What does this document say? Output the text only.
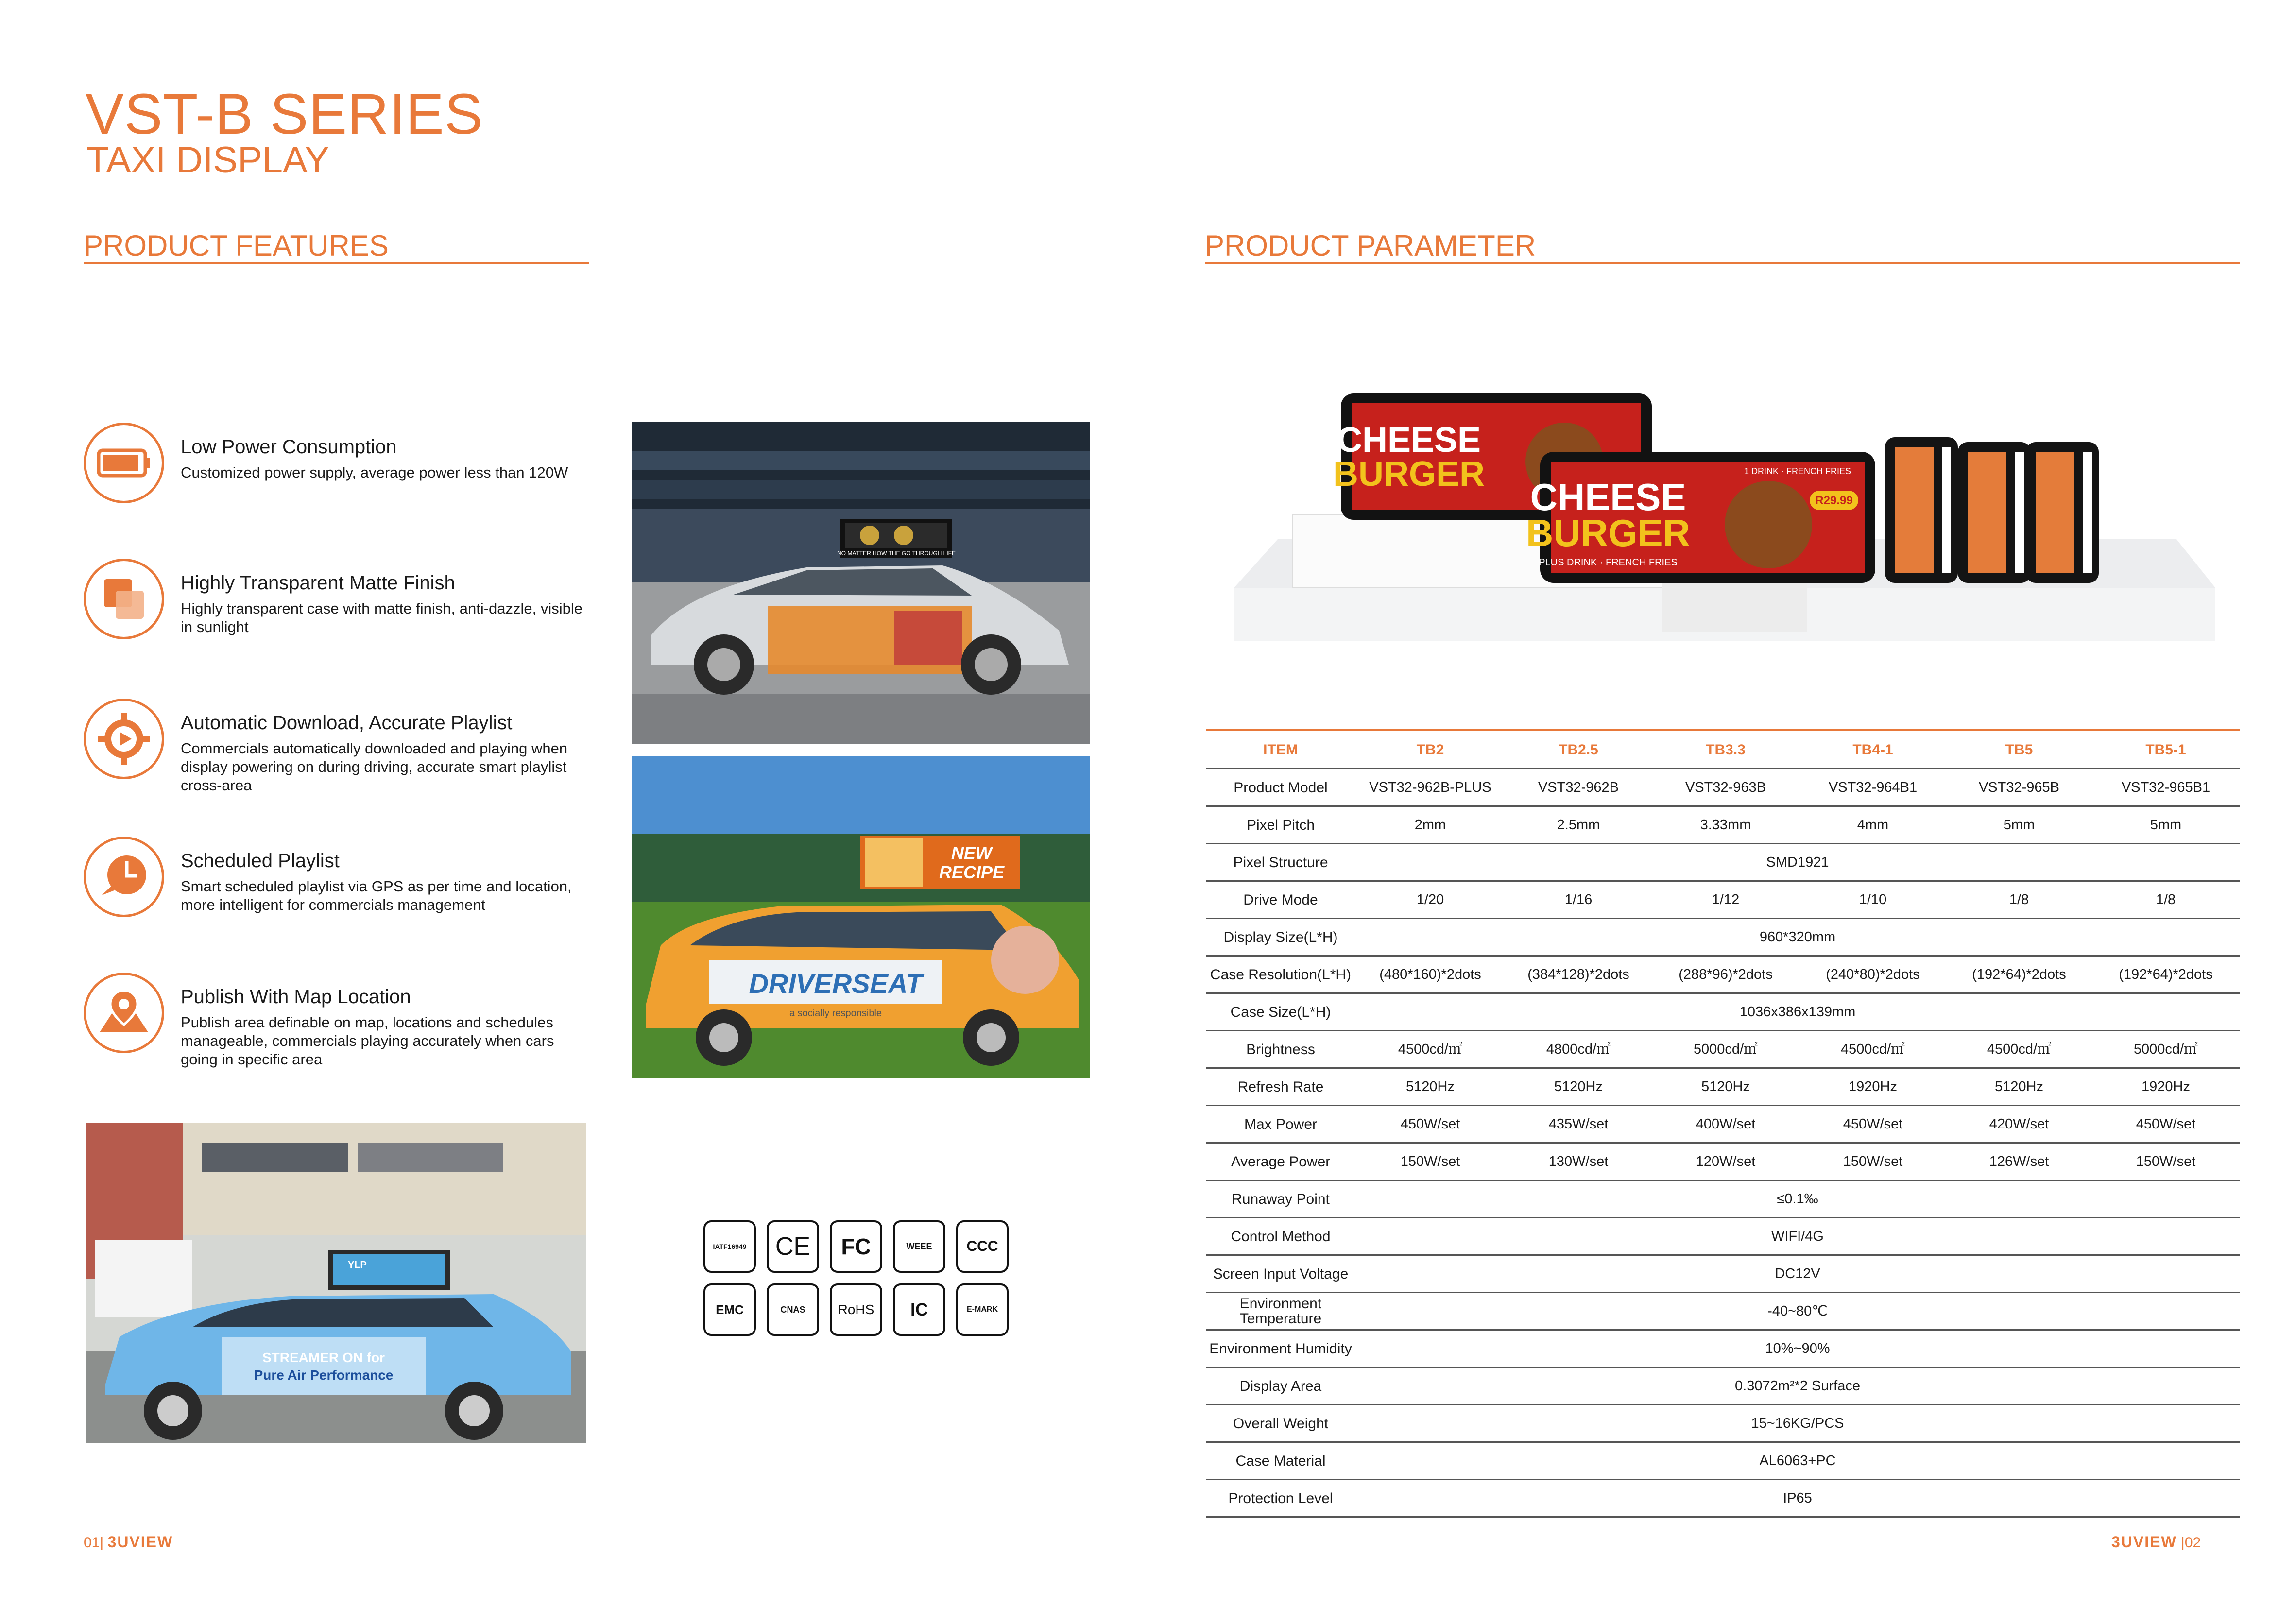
VST-B SERIES
TAXI DISPLAY
PRODUCT FEATURES	PRODUCT PARAMETER
Low Power Consumption
Customized power supply, average power less than 120W
Highly Transparent Matte Finish
Highly transparent case with matte finish, anti-dazzle, visible in sunlight
Automatic Download, Accurate Playlist
Commercials automatically downloaded and playing when display powering on during driving, accurate smart playlist cross-area
Scheduled Playlist
Smart scheduled playlist via GPS as per time and location, more intelligent for commercials management
Publish With Map Location
Publish area definable on map, locations and schedules manageable, commercials playing accurately when cars going in specific area
NO MATTER HOW THE GO THROUGH LIFE
NEW
RECIPE
DRIVERSEAT
a socially responsible
STREAMER ON for
Pure Air Performance
YLP
CHEESE
BURGER
CHEESE
BURGER
PLUS DRINK · FRENCH FRIES
1 DRINK · FRENCH FRIES
R29.99
IATF16949 CE FC	WEEE CCC
EMC	CNAS RoHS IC	E-MARK
ITEM	TB2	TB2.5	TB3.3	TB4-1	TB5	TB5-1
Product Model	VST32-962B-PLUS	VST32-962B	VST32-963B	VST32-964B1	VST32-965B	VST32-965B1
Pixel Pitch	2mm	2.5mm	3.33mm	4mm	5mm	5mm
Pixel Structure	SMD1921					
Drive Mode	1/20	1/16	1/12	1/10	1/8	1/8
Display Size(L*H)	960*320mm					
Case Resolution(L*H)	(480*160)*2dots	(384*128)*2dots	(288*96)*2dots	(240*80)*2dots	(192*64)*2dots	(192*64)*2dots
Case Size(L*H)	1036x386x139mm					
Brightness	4500cd/㎡	4800cd/㎡	5000cd/㎡	4500cd/㎡	4500cd/㎡	5000cd/㎡
Refresh Rate	5120Hz	5120Hz	5120Hz	1920Hz	5120Hz	1920Hz
Max Power	450W/set	435W/set	400W/set	450W/set	420W/set	450W/set
Average Power	150W/set	130W/set	120W/set	150W/set	126W/set	150W/set
Runaway Point	≤0.1‰					
Control Method	WIFI/4G					
Screen Input Voltage	DC12V					
Environment Temperature	-40~80℃					
Environment Humidity	10%~90%					
Display Area	0.3072m²*2 Surface					
Overall Weight	15~16KG/PCS					
Case Material	AL6063+PC					
Protection Level	IP65					
01| 3UVIEW	3UVIEW |02
